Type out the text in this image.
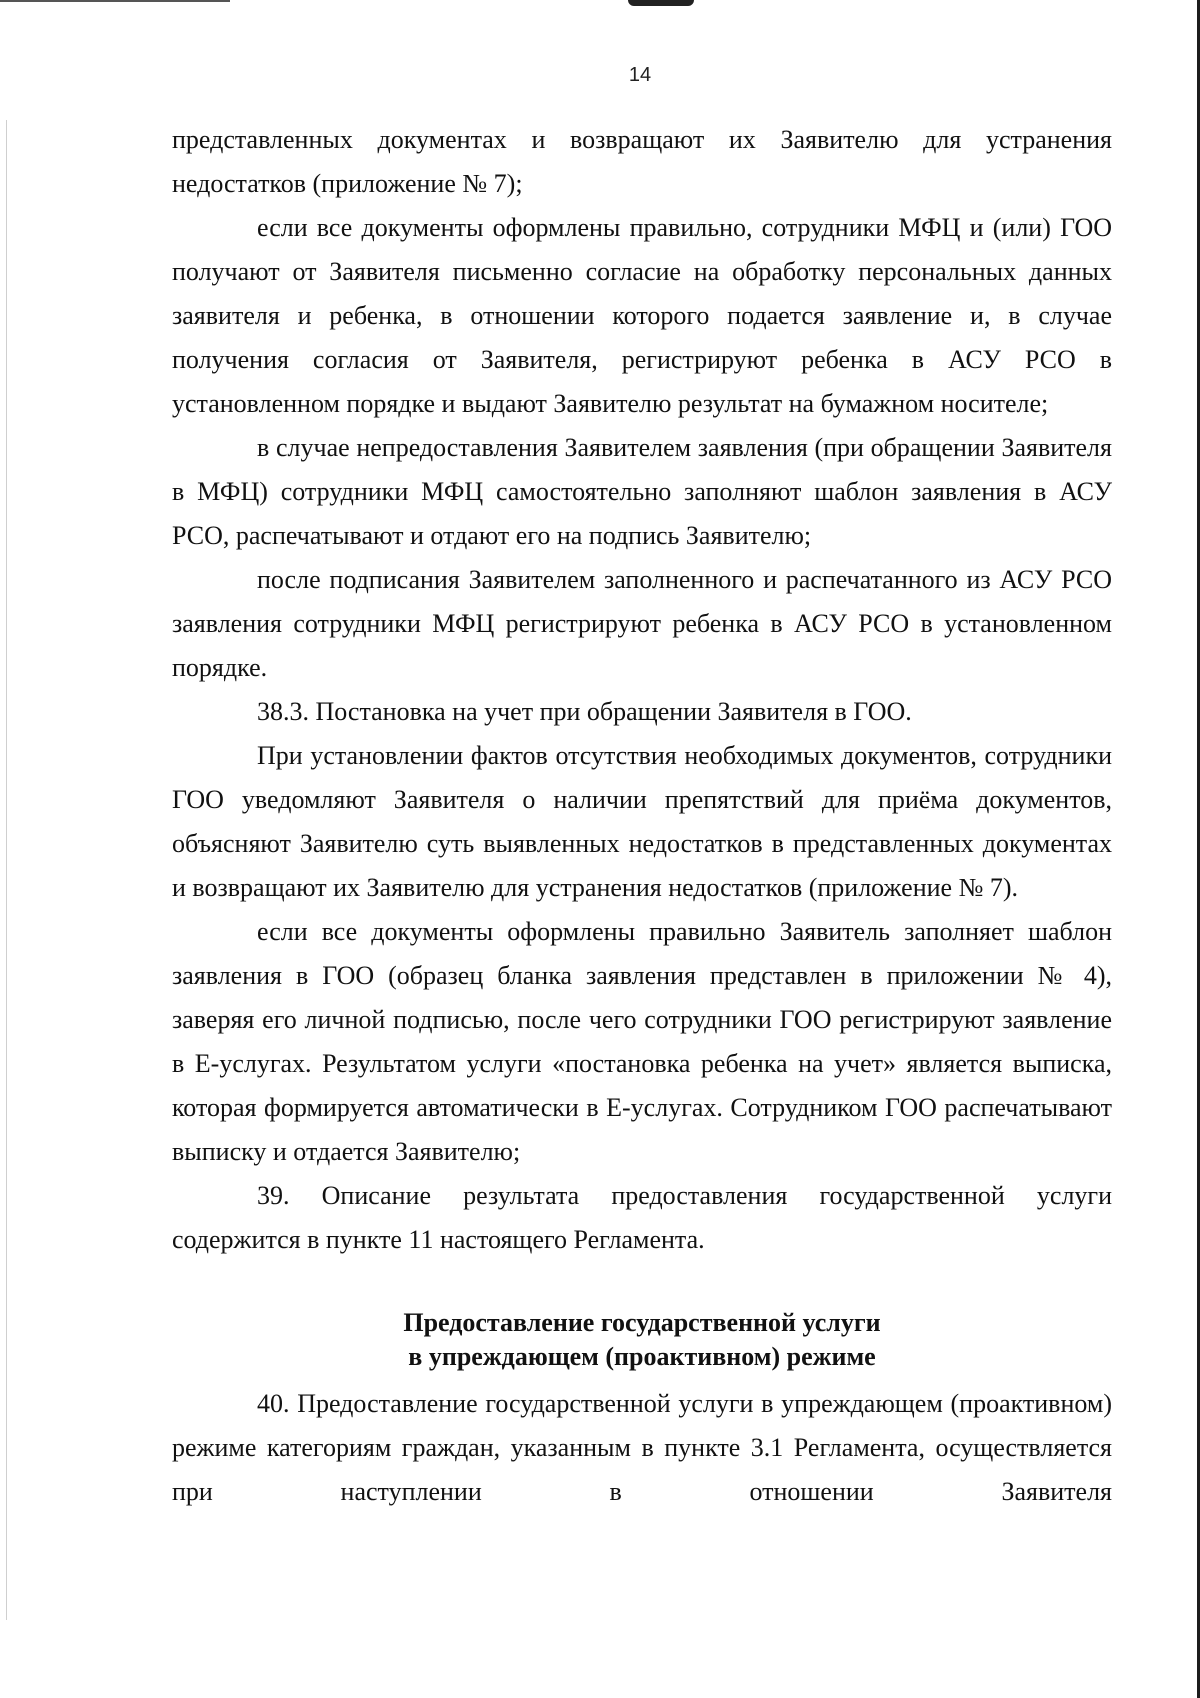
14

представленных документах и возвращают их Заявителю для устранения недостатков (приложение № 7);

если все документы оформлены правильно, сотрудники МФЦ и (или) ГОО получают от Заявителя письменно согласие на обработку персональных данных заявителя и ребенка, в отношении которого подается заявление и, в случае получения согласия от Заявителя, регистрируют ребенка в АСУ РСО в установленном порядке и выдают Заявителю результат на бумажном носителе;

в случае непредоставления Заявителем заявления (при обращении Заявителя в МФЦ) сотрудники МФЦ самостоятельно заполняют шаблон заявления в АСУ РСО, распечатывают и отдают его на подпись Заявителю;

после подписания Заявителем заполненного и распечатанного из АСУ РСО заявления сотрудники МФЦ регистрируют ребенка в АСУ РСО в установленном порядке.

38.3. Постановка на учет при обращении Заявителя в ГОО.

При установлении фактов отсутствия необходимых документов, сотрудники ГОО уведомляют Заявителя о наличии препятствий для приёма документов, объясняют Заявителю суть выявленных недостатков в представленных документах и возвращают их Заявителю для устранения недостатков (приложение № 7).

если все документы оформлены правильно Заявитель заполняет шаблон заявления в ГОО (образец бланка заявления представлен в приложении № 4), заверяя его личной подписью, после чего сотрудники ГОО регистрируют заявление в Е-услугах. Результатом услуги «постановка ребенка на учет» является выписка, которая формируется автоматически в Е-услугах. Сотрудником ГОО распечатывают выписку и отдается Заявителю;

39. Описание результата предоставления государственной услуги содержится в пункте 11 настоящего Регламента.

Предоставление государственной услуги
в упреждающем (проактивном) режиме

40. Предоставление государственной услуги в упреждающем (проактивном) режиме категориям граждан, указанным в пункте 3.1 Регламента, осуществляется при наступлении в отношении Заявителя
